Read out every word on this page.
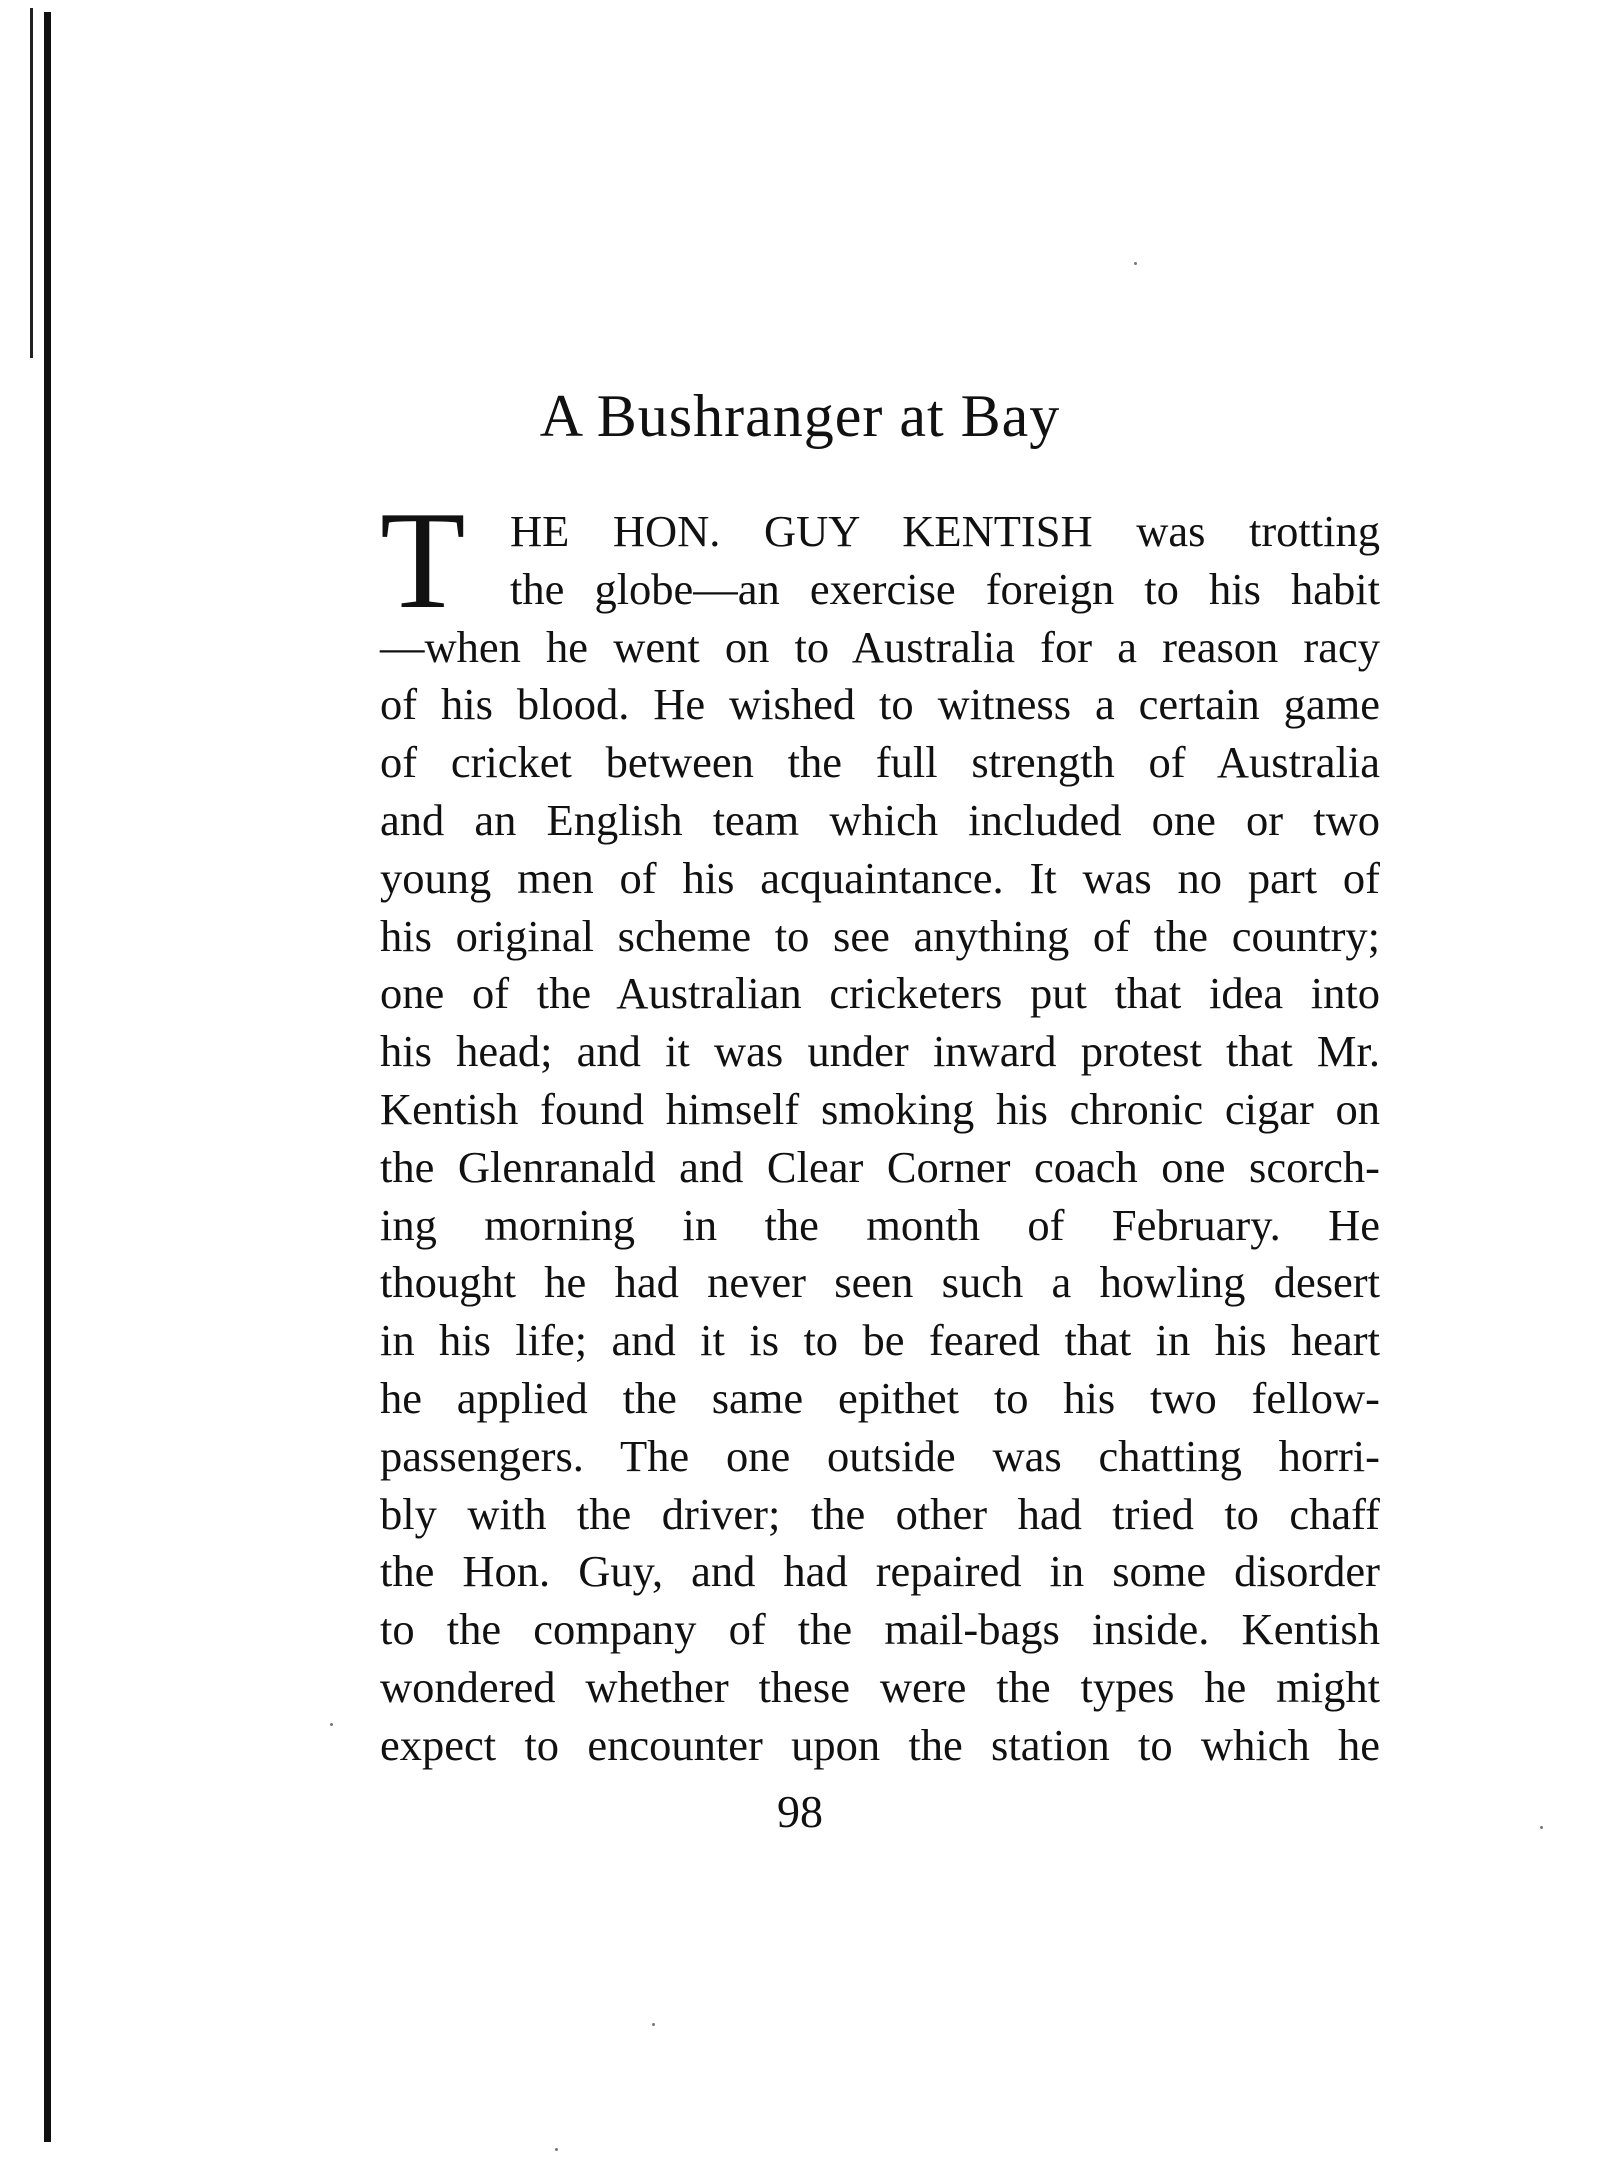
A Bushranger at Bay
T HE HON. GUY KENTISH was trotting
the globe—an exercise foreign to his habit
—when he went on to Australia for a reason racy
of his blood. He wished to witness a certain game
of cricket between the full strength of Australia
and an English team which included one or two
young men of his acquaintance. It was no part of
his original scheme to see anything of the country;
one of the Australian cricketers put that idea into
his head; and it was under inward protest that Mr.
Kentish found himself smoking his chronic cigar on
the Glenranald and Clear Corner coach one scorch-
ing morning in the month of February. He
thought he had never seen such a howling desert
in his life; and it is to be feared that in his heart
he applied the same epithet to his two fellow-
passengers. The one outside was chatting horri-
bly with the driver; the other had tried to chaff
the Hon. Guy, and had repaired in some disorder
to the company of the mail-bags inside. Kentish
wondered whether these were the types he might
expect to encounter upon the station to which he
98
